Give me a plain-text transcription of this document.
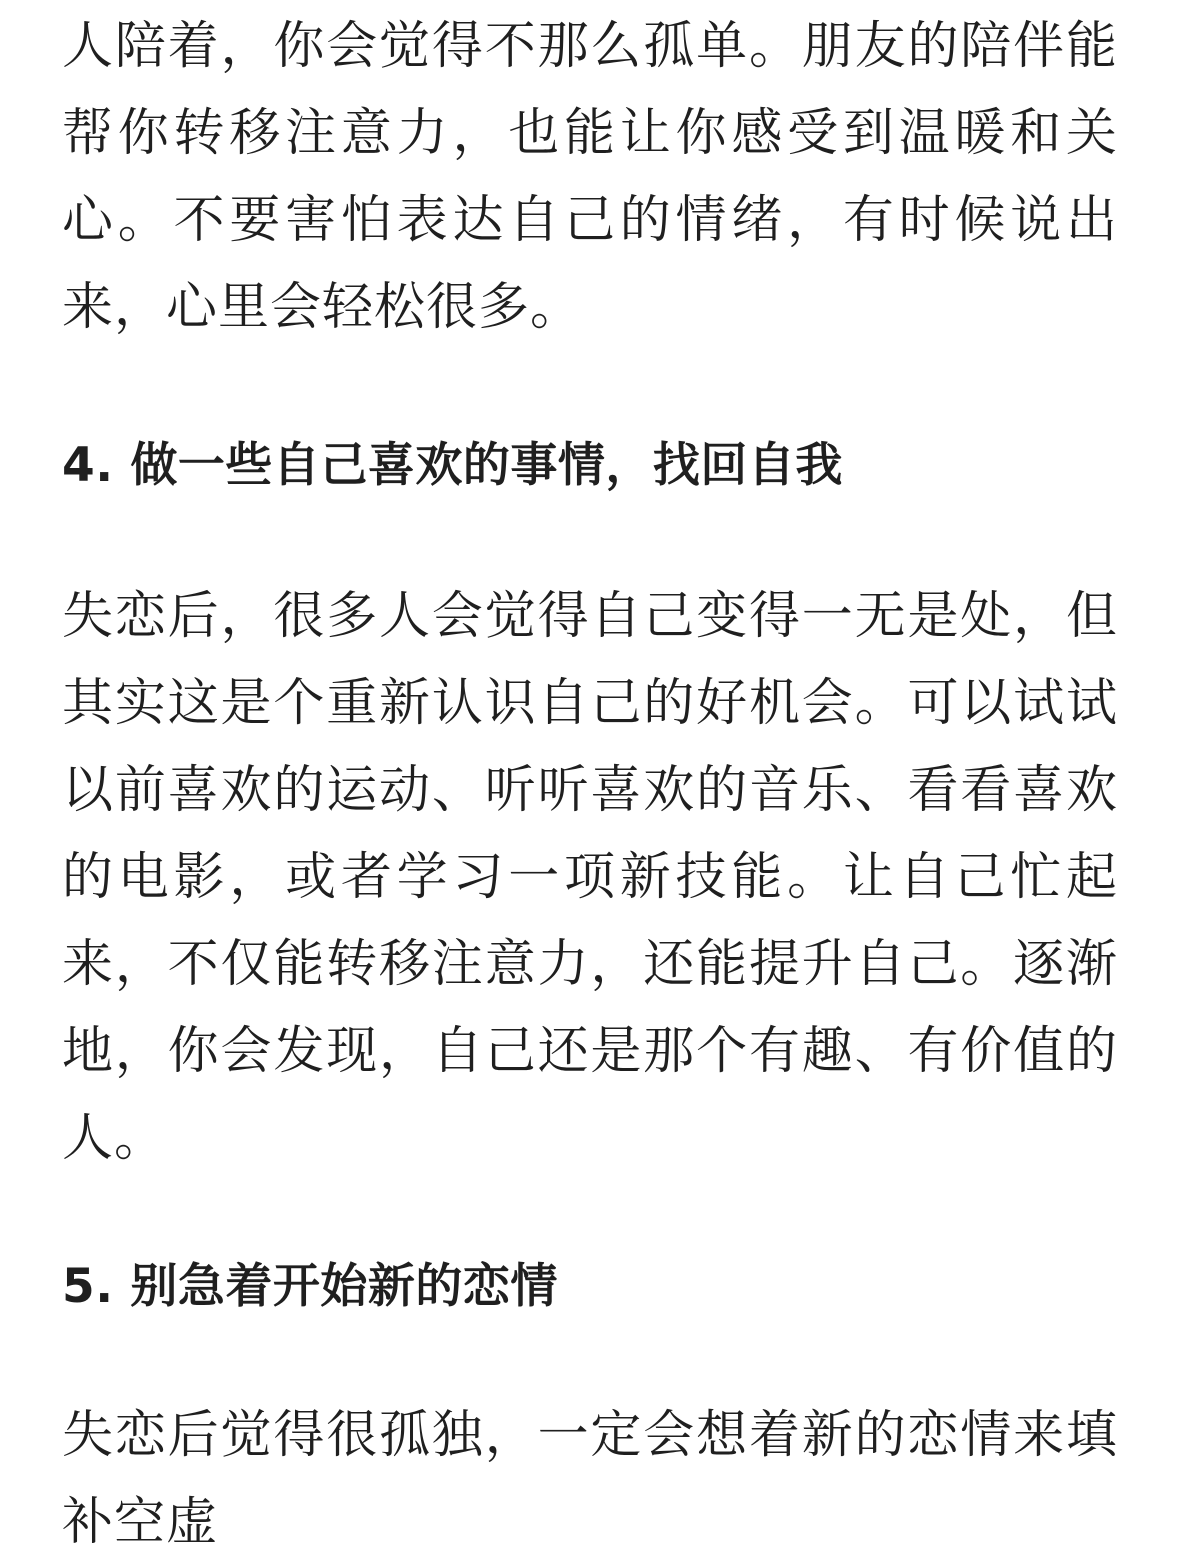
人陪着，你会觉得不那么孤单。朋友的陪伴能帮你转移注意力，也能让你感受到温暖和关心。不要害怕表达自己的情绪，有时候说出来，心里会轻松很多。

4. 做一些自己喜欢的事情，找回自我

失恋后，很多人会觉得自己变得一无是处，但其实这是个重新认识自己的好机会。可以试试以前喜欢的运动、听听喜欢的音乐、看看喜欢的电影，或者学习一项新技能。让自己忙起来，不仅能转移注意力，还能提升自己。逐渐地，你会发现，自己还是那个有趣、有价值的人。

5. 别急着开始新的恋情

失恋后觉得很孤独，一定会想着新的恋情来填补空虚
